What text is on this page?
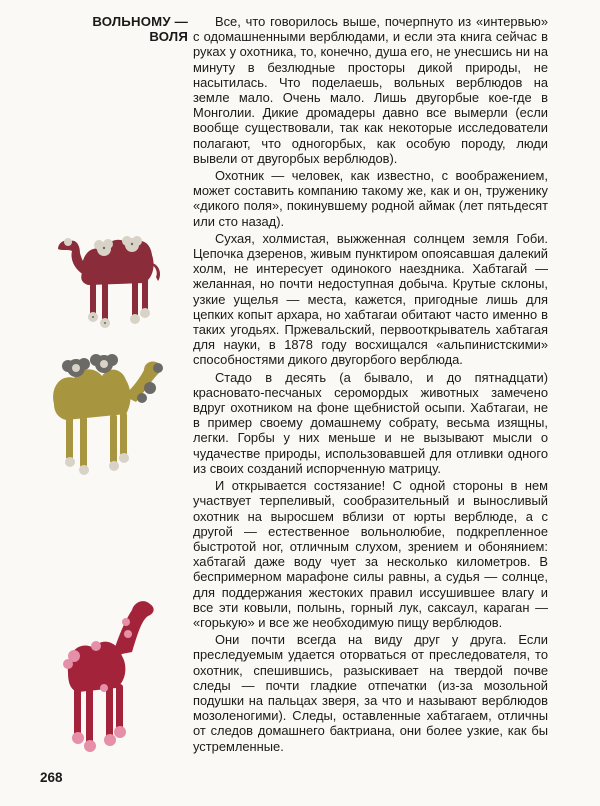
ВОЛЬНОМУ —
ВОЛЯ

Все, что говорилось выше, почерпнуто из «интервью» с одомашненными верблюдами, и если эта книга сейчас в руках у охотника, то, конечно, душа его, не унесшись ни на минуту в безлюдные просторы дикой природы, не насытилась. Что поделаешь, вольных верблюдов на земле мало. Очень мало. Лишь двугорбые кое-где в Монголии. Дикие дромадеры давно все вымерли (если вообще существовали, так как некоторые исследователи полагают, что одногорбых, как особую породу, люди вывели от двугорбых верблюдов).

Охотник — человек, как известно, с воображением, может составить компанию такому же, как и он, труженику «дикого поля», покинувшему родной аймак (лет пятьдесят или сто назад).

Сухая, холмистая, выжженная солнцем земля Гоби. Цепочка дзеренов, живым пунктиром опоясавшая далекий холм, не интересует одинокого наездника. Хабтагай — желанная, но почти недоступная добыча. Крутые склоны, узкие ущелья — места, кажется, пригодные лишь для цепких копыт архара, но хабтагаи обитают часто именно в таких угодьях. Пржевальский, первооткрыватель хабтагая для науки, в 1878 году восхищался «альпинистскими» способностями дикого двугорбого верблюда.

Стадо в десять (а бывало, и до пятнадцати) красновато-песчаных серомордых животных замечено вдруг охотником на фоне щебнистой осыпи. Хабтагаи, не в пример своему домашнему собрату, весьма изящны, легки. Горбы у них меньше и не вызывают мысли о чудачестве природы, использовавшей для отливки одного из своих созданий испорченную матрицу.

И открывается состязание! С одной стороны в нем участвует терпеливый, сообразительный и выносливый охотник на выросшем вблизи от юрты верблюде, а с другой — естественное вольнолюбие, подкрепленное быстротой ног, отличным слухом, зрением и обонянием: хабтагай даже воду чует за несколько километров. В беспримерном марафоне силы равны, а судья — солнце, для поддержания жестоких правил иссушившее влагу и все эти ковыли, полынь, горный лук, саксаул, караган — «горькую» и все же необходимую пищу верблюдов.

Они почти всегда на виду друг у друга. Если преследуемым удается оторваться от преследователя, то охотник, спешившись, разыскивает на твердой почве следы — почти гладкие отпечатки (из-за мозольной подушки на пальцах зверя, за что и называют верблюдов мозоленогими). Следы, оставленные хабтагаем, отличны от следов домашнего бактриана, они более узкие, как бы устремленные.

268
